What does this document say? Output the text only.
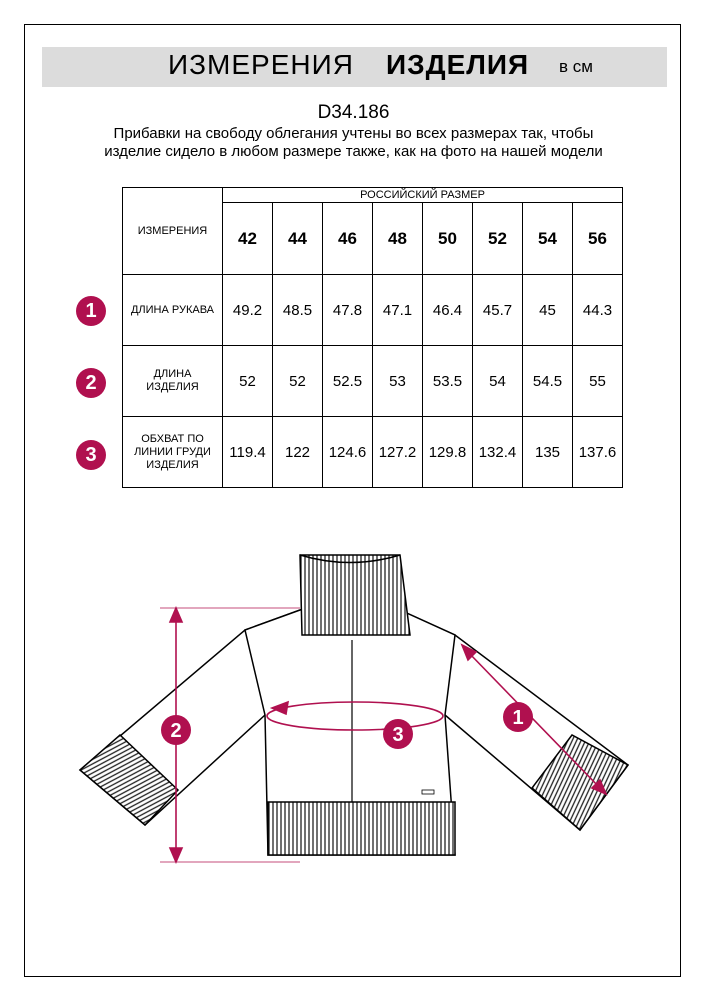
ИЗМЕРЕНИЯ ИЗДЕЛИЯ в см
D34.186
Прибавки на свободу облегания учтены во всех размерах так, чтобы изделие сидело в любом размере также, как на фото на нашей модели
ИЗМЕРЕНИЯ	РОССИЙСКИЙ РАЗМЕР							
	42	44	46	48	50	52	54	56
ДЛИНА РУКАВА	49.2	48.5	47.8	47.1	46.4	45.7	45	44.3
ДЛИНА ИЗДЕЛИЯ	52	52	52.5	53	53.5	54	54.5	55
ОБХВАТ ПО ЛИНИИ ГРУДИ ИЗДЕЛИЯ	119.4	122	124.6	127.2	129.8	132.4	135	137.6
1
2
3
2	3
1
